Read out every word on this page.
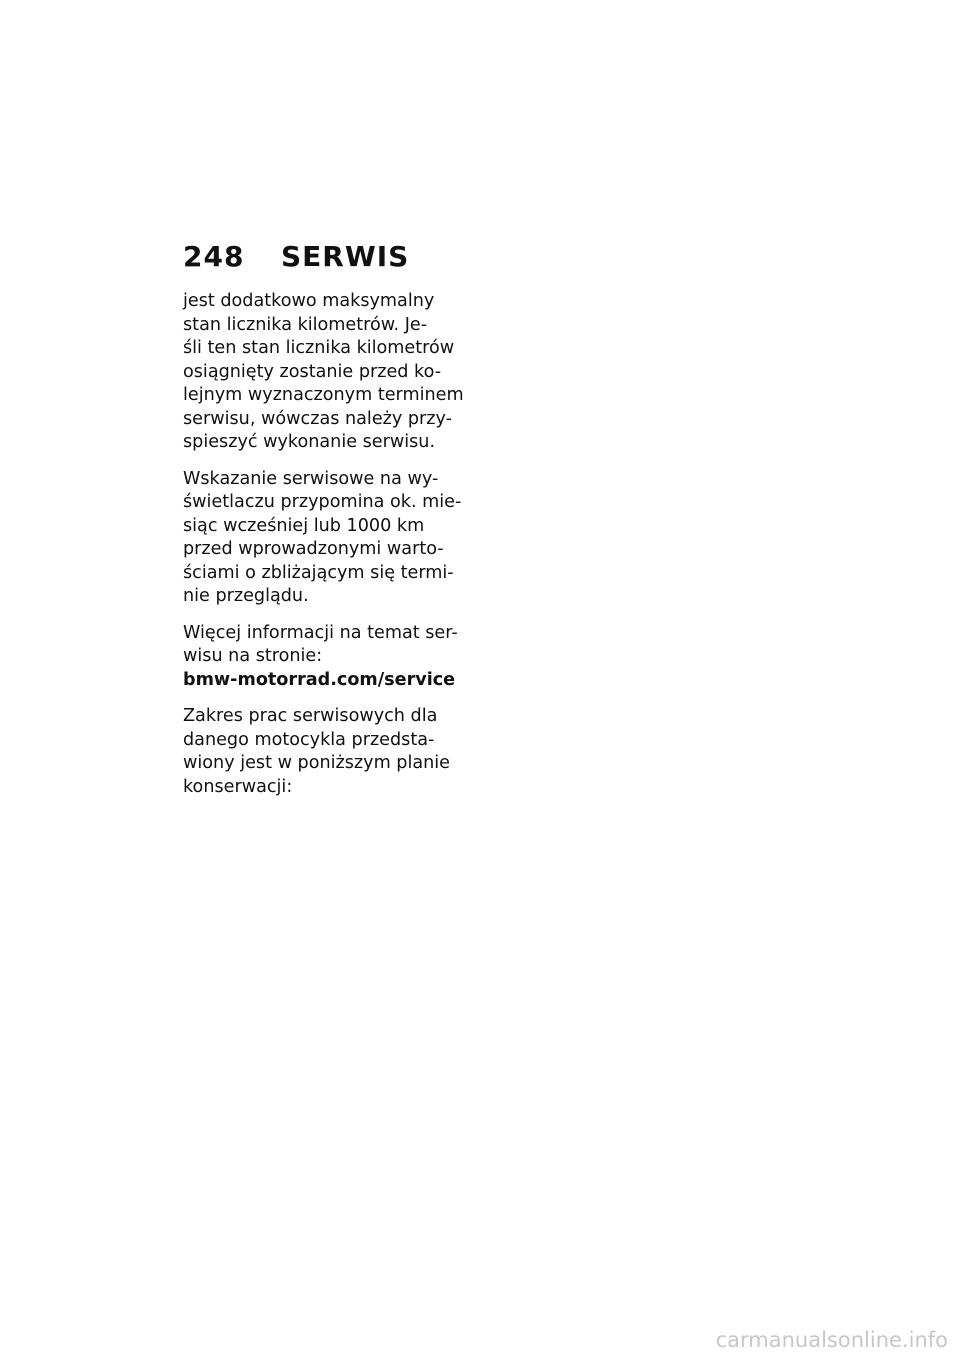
248	SERWIS

jest dodatkowo maksymalny
stan licznika kilometrów. Je-
śli ten stan licznika kilometrów
osiągnięty zostanie przed ko-
lejnym wyznaczonym terminem
serwisu, wówczas należy przy-
spieszyć wykonanie serwisu.

Wskazanie serwisowe na wy-
świetlaczu przypomina ok. mie-
siąc wcześniej lub 1000 km
przed wprowadzonymi warto-
ściami o zbliżającym się termi-
nie przeglądu.

Więcej informacji na temat ser-
wisu na stronie:
bmw-motorrad.com/service

Zakres prac serwisowych dla
danego motocykla przedsta-
wiony jest w poniższym planie
konserwacji:

carmanualsonline.info
